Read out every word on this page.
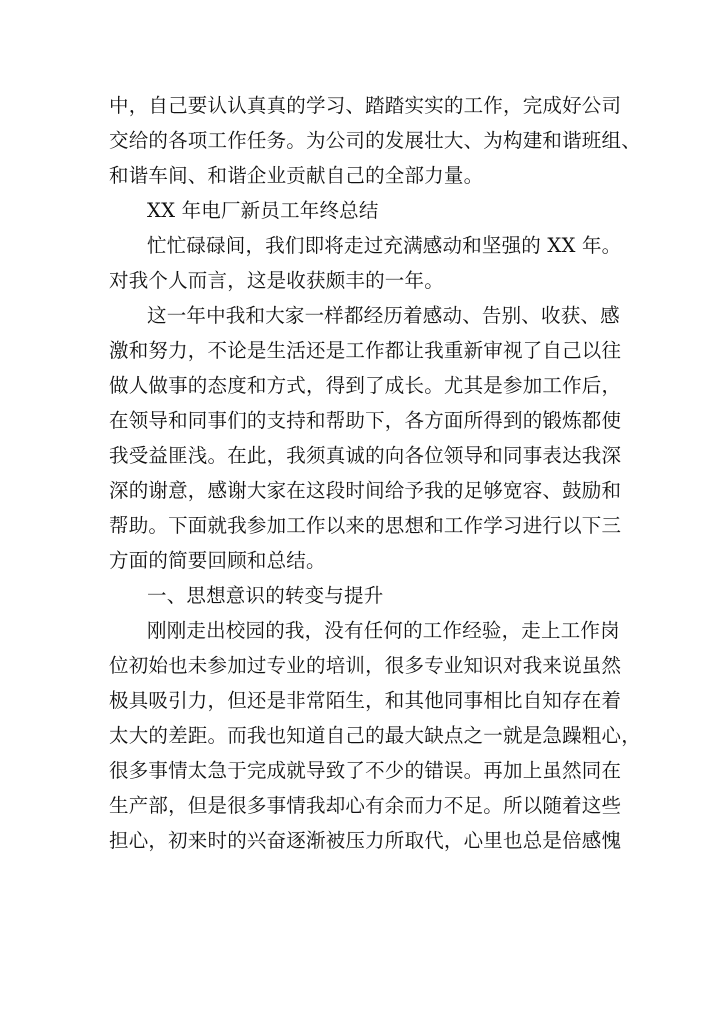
中，自己要认认真真的学习、踏踏实实的工作，完成好公司
交给的各项工作任务。为公司的发展壮大、为构建和谐班组、
和谐车间、和谐企业贡献自己的全部力量。
XX 年电厂新员工年终总结
忙忙碌碌间，我们即将走过充满感动和坚强的 XX 年。
对我个人而言，这是收获颇丰的一年。
这一年中我和大家一样都经历着感动、告别、收获、感
激和努力，不论是生活还是工作都让我重新审视了自己以往
做人做事的态度和方式，得到了成长。尤其是参加工作后，
在领导和同事们的支持和帮助下，各方面所得到的锻炼都使
我受益匪浅。在此，我须真诚的向各位领导和同事表达我深
深的谢意，感谢大家在这段时间给予我的足够宽容、鼓励和
帮助。下面就我参加工作以来的思想和工作学习进行以下三
方面的简要回顾和总结。
一、思想意识的转变与提升
刚刚走出校园的我，没有任何的工作经验，走上工作岗
位初始也未参加过专业的培训，很多专业知识对我来说虽然
极具吸引力，但还是非常陌生，和其他同事相比自知存在着
太大的差距。而我也知道自己的最大缺点之一就是急躁粗心，
很多事情太急于完成就导致了不少的错误。再加上虽然同在
生产部，但是很多事情我却心有余而力不足。所以随着这些
担心，初来时的兴奋逐渐被压力所取代，心里也总是倍感愧
